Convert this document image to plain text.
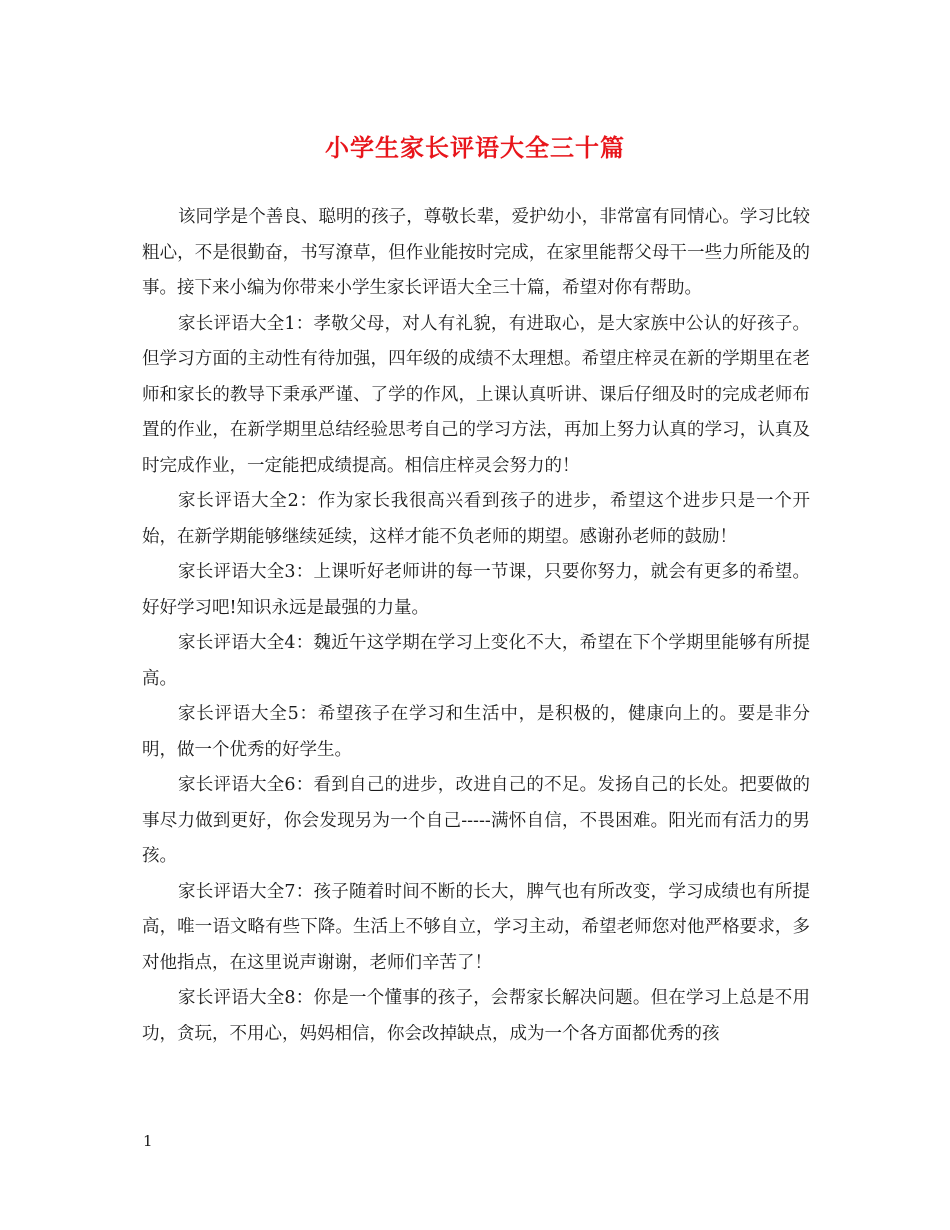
小学生家长评语大全三十篇

该同学是个善良、聪明的孩子，尊敬长辈，爱护幼小，非常富有同情心。学习比较粗心，不是很勤奋，书写潦草，但作业能按时完成，在家里能帮父母干一些力所能及的事。接下来小编为你带来小学生家长评语大全三十篇，希望对你有帮助。

家长评语大全1：孝敬父母，对人有礼貌，有进取心，是大家族中公认的好孩子。但学习方面的主动性有待加强，四年级的成绩不太理想。希望庄梓灵在新的学期里在老师和家长的教导下秉承严谨、了学的作风，上课认真听讲、课后仔细及时的完成老师布置的作业，在新学期里总结经验思考自己的学习方法，再加上努力认真的学习，认真及时完成作业，一定能把成绩提高。相信庄梓灵会努力的！

家长评语大全2：作为家长我很高兴看到孩子的进步，希望这个进步只是一个开始，在新学期能够继续延续，这样才能不负老师的期望。感谢孙老师的鼓励！

家长评语大全3：上课听好老师讲的每一节课，只要你努力，就会有更多的希望。好好学习吧!知识永远是最强的力量。

家长评语大全4：魏近午这学期在学习上变化不大，希望在下个学期里能够有所提高。

家长评语大全5：希望孩子在学习和生活中，是积极的，健康向上的。要是非分明，做一个优秀的好学生。

家长评语大全6：看到自己的进步，改进自己的不足。发扬自己的长处。把要做的事尽力做到更好，你会发现另为一个自己-----满怀自信，不畏困难。阳光而有活力的男孩。

家长评语大全7：孩子随着时间不断的长大，脾气也有所改变，学习成绩也有所提高，唯一语文略有些下降。生活上不够自立，学习主动，希望老师您对他严格要求，多对他指点，在这里说声谢谢，老师们辛苦了！

家长评语大全8：你是一个懂事的孩子，会帮家长解决问题。但在学习上总是不用功，贪玩，不用心，妈妈相信，你会改掉缺点，成为一个各方面都优秀的孩

1
